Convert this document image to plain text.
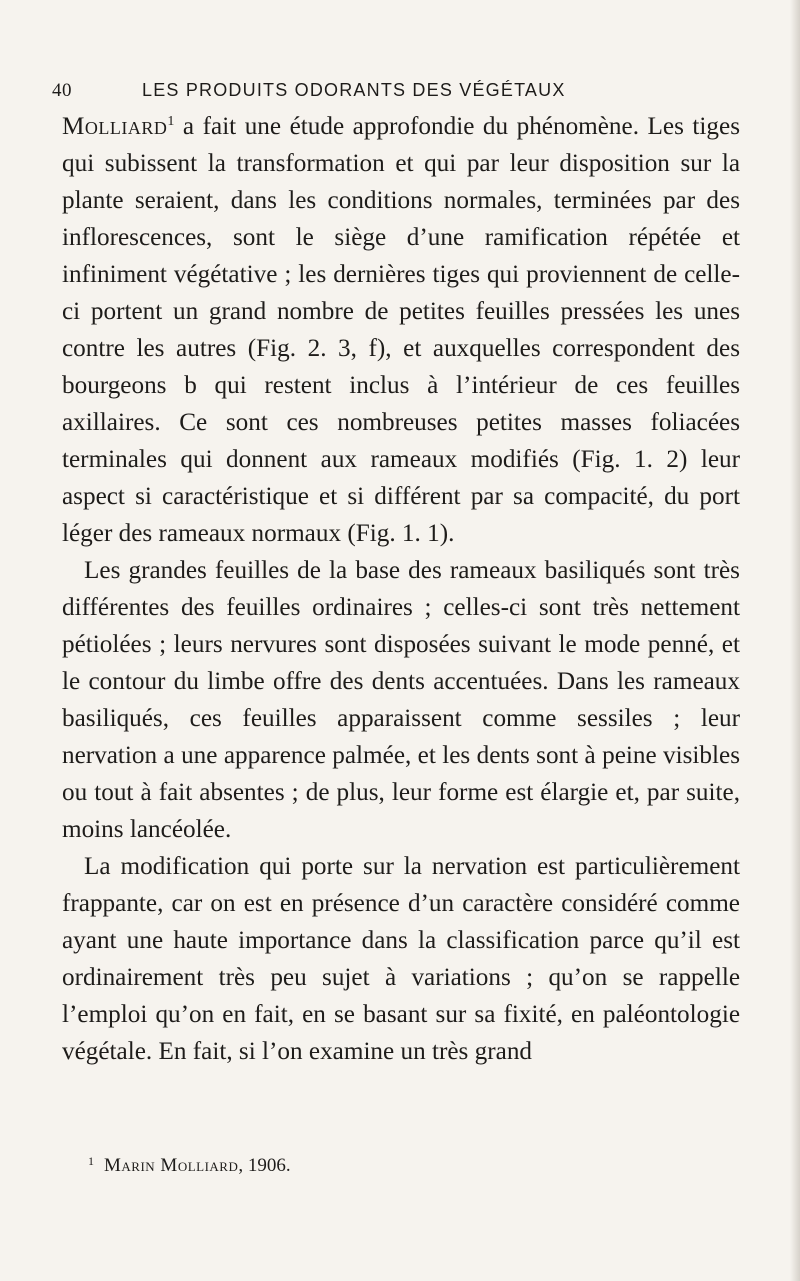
40	LES PRODUITS ODORANTS DES VÉGÉTAUX

Molliard$^1$ a fait une étude approfondie du phénomène. Les tiges qui subissent la transformation et qui par leur disposition sur la plante seraient, dans les conditions normales, terminées par des inflorescences, sont le siège d’une ramification répétée et infiniment végétative ; les dernières tiges qui proviennent de celle-ci portent un grand nombre de petites feuilles pressées les unes contre les autres (Fig. 2. 3, f), et auxquelles correspondent des bourgeons b qui restent inclus à l’intérieur de ces feuilles axillaires. Ce sont ces nombreuses petites masses foliacées terminales qui donnent aux rameaux modifiés (Fig. 1. 2) leur aspect si caractéristique et si différent par sa compacité, du port léger des rameaux normaux (Fig. 1. 1).

Les grandes feuilles de la base des rameaux basiliqués sont très différentes des feuilles ordinaires ; celles-ci sont très nettement pétiolées ; leurs nervures sont disposées suivant le mode penné, et le contour du limbe offre des dents accentuées. Dans les rameaux basiliqués, ces feuilles apparaissent comme sessiles ; leur nervation a une apparence palmée, et les dents sont à peine visibles ou tout à fait absentes ; de plus, leur forme est élargie et, par suite, moins lancéolée.

La modification qui porte sur la nervation est particulièrement frappante, car on est en présence d’un caractère considéré comme ayant une haute importance dans la classification parce qu’il est ordinairement très peu sujet à variations ; qu’on se rappelle l’emploi qu’on en fait, en se basant sur sa fixité, en paléontologie végétale. En fait, si l’on examine un très grand

$^1$ Marin Molliard, 1906.
